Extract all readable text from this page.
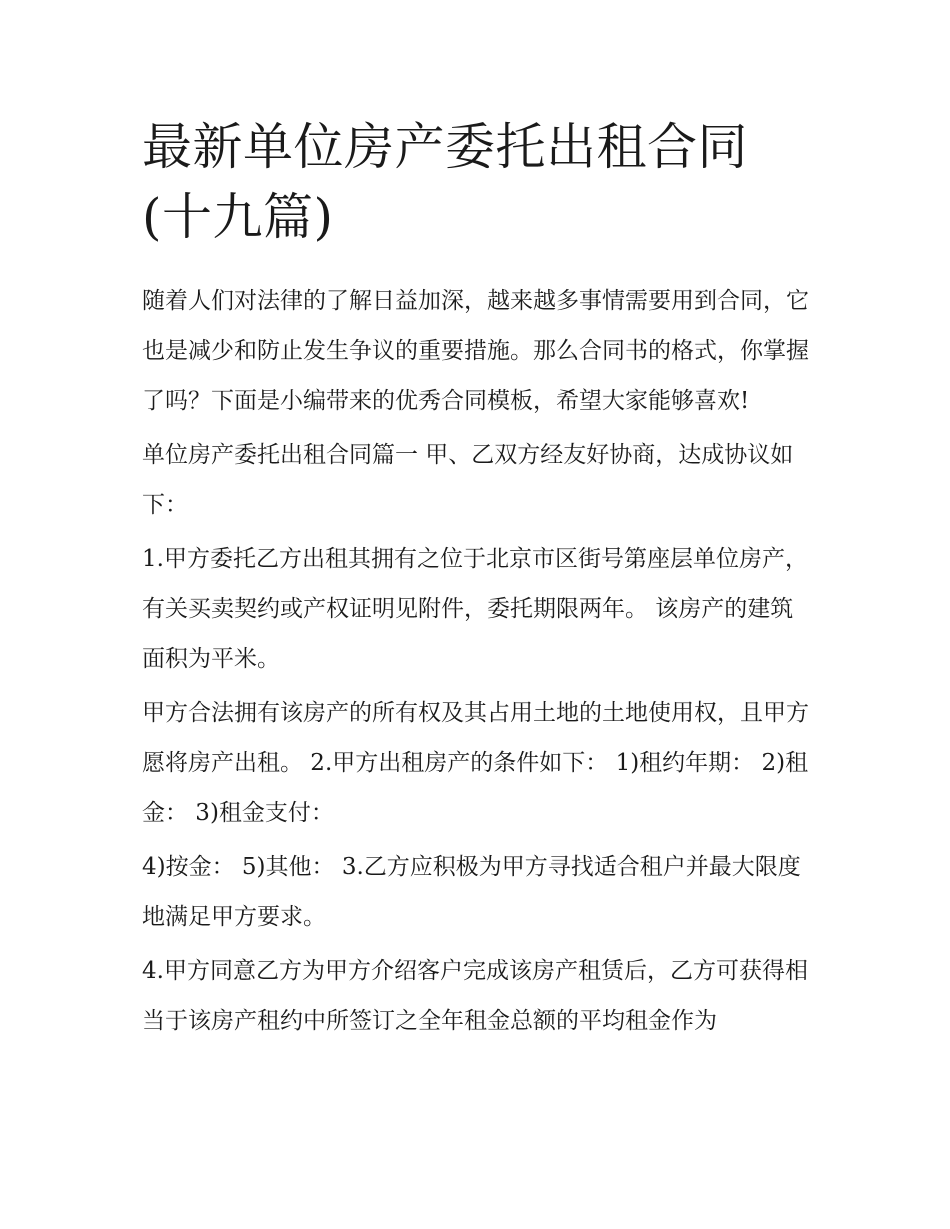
最新单位房产委托出租合同(十九篇)

随着人们对法律的了解日益加深，越来越多事情需要用到合同，它也是减少和防止发生争议的重要措施。那么合同书的格式，你掌握了吗？下面是小编带来的优秀合同模板，希望大家能够喜欢!

单位房产委托出租合同篇一 甲、乙双方经友好协商，达成协议如下：

1.甲方委托乙方出租其拥有之位于北京市区街号第座层单位房产，有关买卖契约或产权证明见附件，委托期限两年。 该房产的建筑面积为平米。

甲方合法拥有该房产的所有权及其占用土地的土地使用权，且甲方愿将房产出租。 2.甲方出租房产的条件如下： 1)租约年期： 2)租金： 3)租金支付：

4)按金： 5)其他： 3.乙方应积极为甲方寻找适合租户并最大限度地满足甲方要求。

4.甲方同意乙方为甲方介绍客户完成该房产租赁后，乙方可获得相当于该房产租约中所签订之全年租金总额的平均租金作为
